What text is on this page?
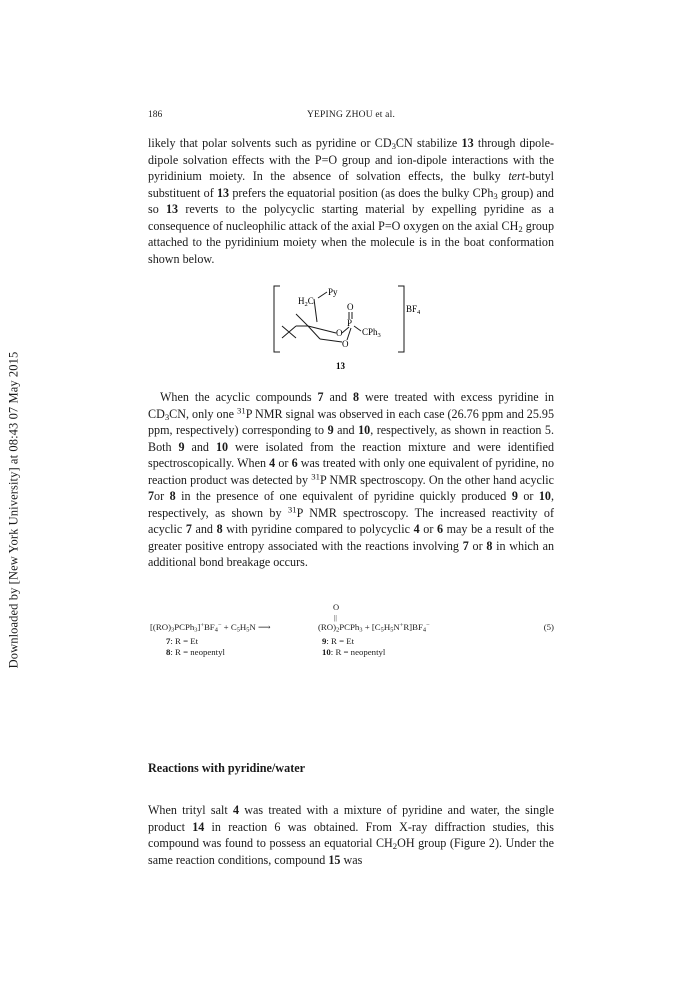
Downloaded by [New York University] at 08:43 07 May 2015
186	YEPING ZHOU et al.

likely that polar solvents such as pyridine or $CD_3CN$ stabilize 13 through dipole-dipole solvation effects with the P=O group and ion-dipole interactions with the pyridinium moiety. In the absence of solvation effects, the bulky tert-butyl substituent of 13 prefers the equatorial position (as does the bulky CPh$_3$ group) and so 13 reverts to the polycyclic starting material by expelling pyridine as a consequence of nucleophilic attack of the axial P=O oxygen on the axial $CH_2$ group attached to the pyridinium moiety when the molecule is in the boat conformation shown below.

Py
$H_2C$
O
P
O
O
CPh$_3$
$BF_4$
13

When the acyclic compounds 7 and 8 were treated with excess pyridine in $CD_3CN$, only one $^{31}$P NMR signal was observed in each case (26.76 ppm and 25.95 ppm, respectively) corresponding to 9 and 10, respectively, as shown in reaction 5. Both 9 and 10 were isolated from the reaction mixture and were identified spectroscopically. When 4 or 6 was treated with only one equivalent of pyridine, no reaction product was detected by $^{31}$P NMR spectroscopy. On the other hand acyclic 7or 8 in the presence of one equivalent of pyridine quickly produced 9 or 10, respectively, as shown by $^{31}$P NMR spectroscopy. The increased reactivity of acyclic 7 and 8 with pyridine compared to polycyclic 4 or 6 may be a result of the greater positive entropy associated with the reactions involving 7 or 8 in which an additional bond breakage occurs.

$[(RO)_3PCPh_3]^+BF_4^- + C_5H_5N$ ⟶
O
||
$(RO)_2PCPh_3 + [C_5H_5N^+R]BF_4^-$	(5)
7: R = Et
8: R = neopentyl
9: R = Et
10: R = neopentyl
Reactions with pyridine/water

When trityl salt 4 was treated with a mixture of pyridine and water, the single product 14 in reaction 6 was obtained. From X-ray diffraction studies, this compound was found to possess an equatorial $CH_2OH$ group (Figure 2). Under the same reaction conditions, compound 15 was
